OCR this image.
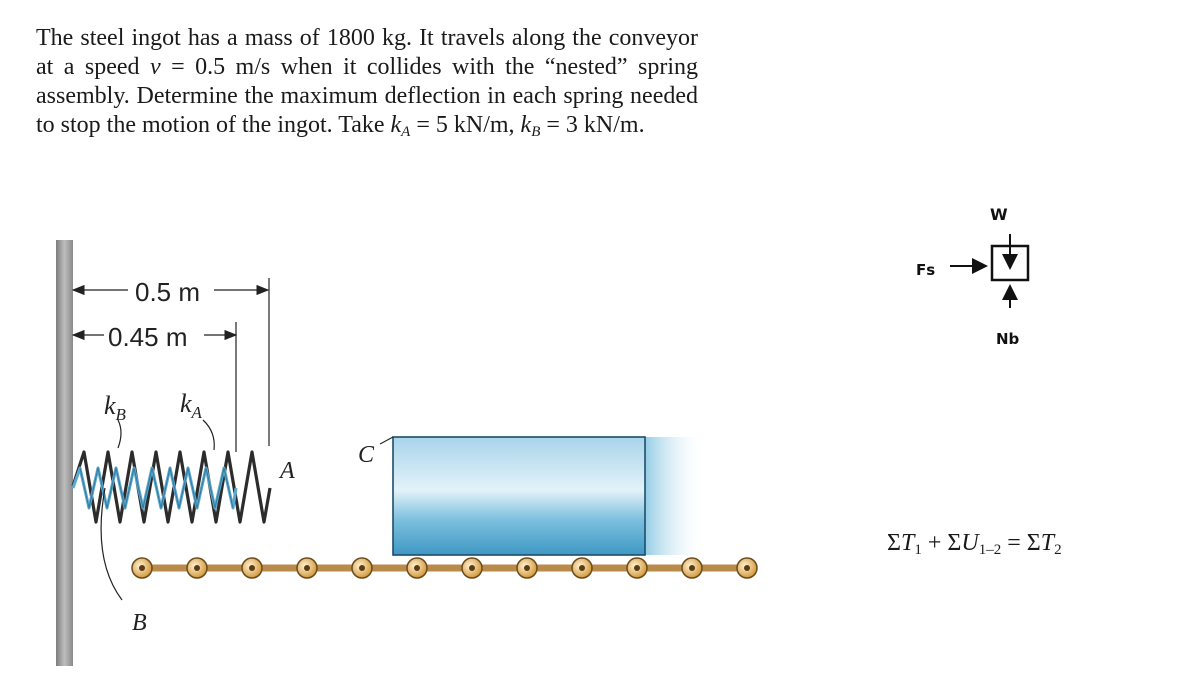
The steel ingot has a mass of 1800 kg. It travels along the conveyor at a speed v = 0.5 m/s when it collides with the “nested” spring assembly. Determine the maximum deflection in each spring needed to stop the motion of the ingot. Take $k_A = 5$ kN/m, $k_B = 3$ kN/m.

0.5 m
0.45 m
$k_B$ $k_A$
A
B
C
W
Fs
Nb
$\Sigma T_1 + \Sigma U_{1-2} = \Sigma T_2$
